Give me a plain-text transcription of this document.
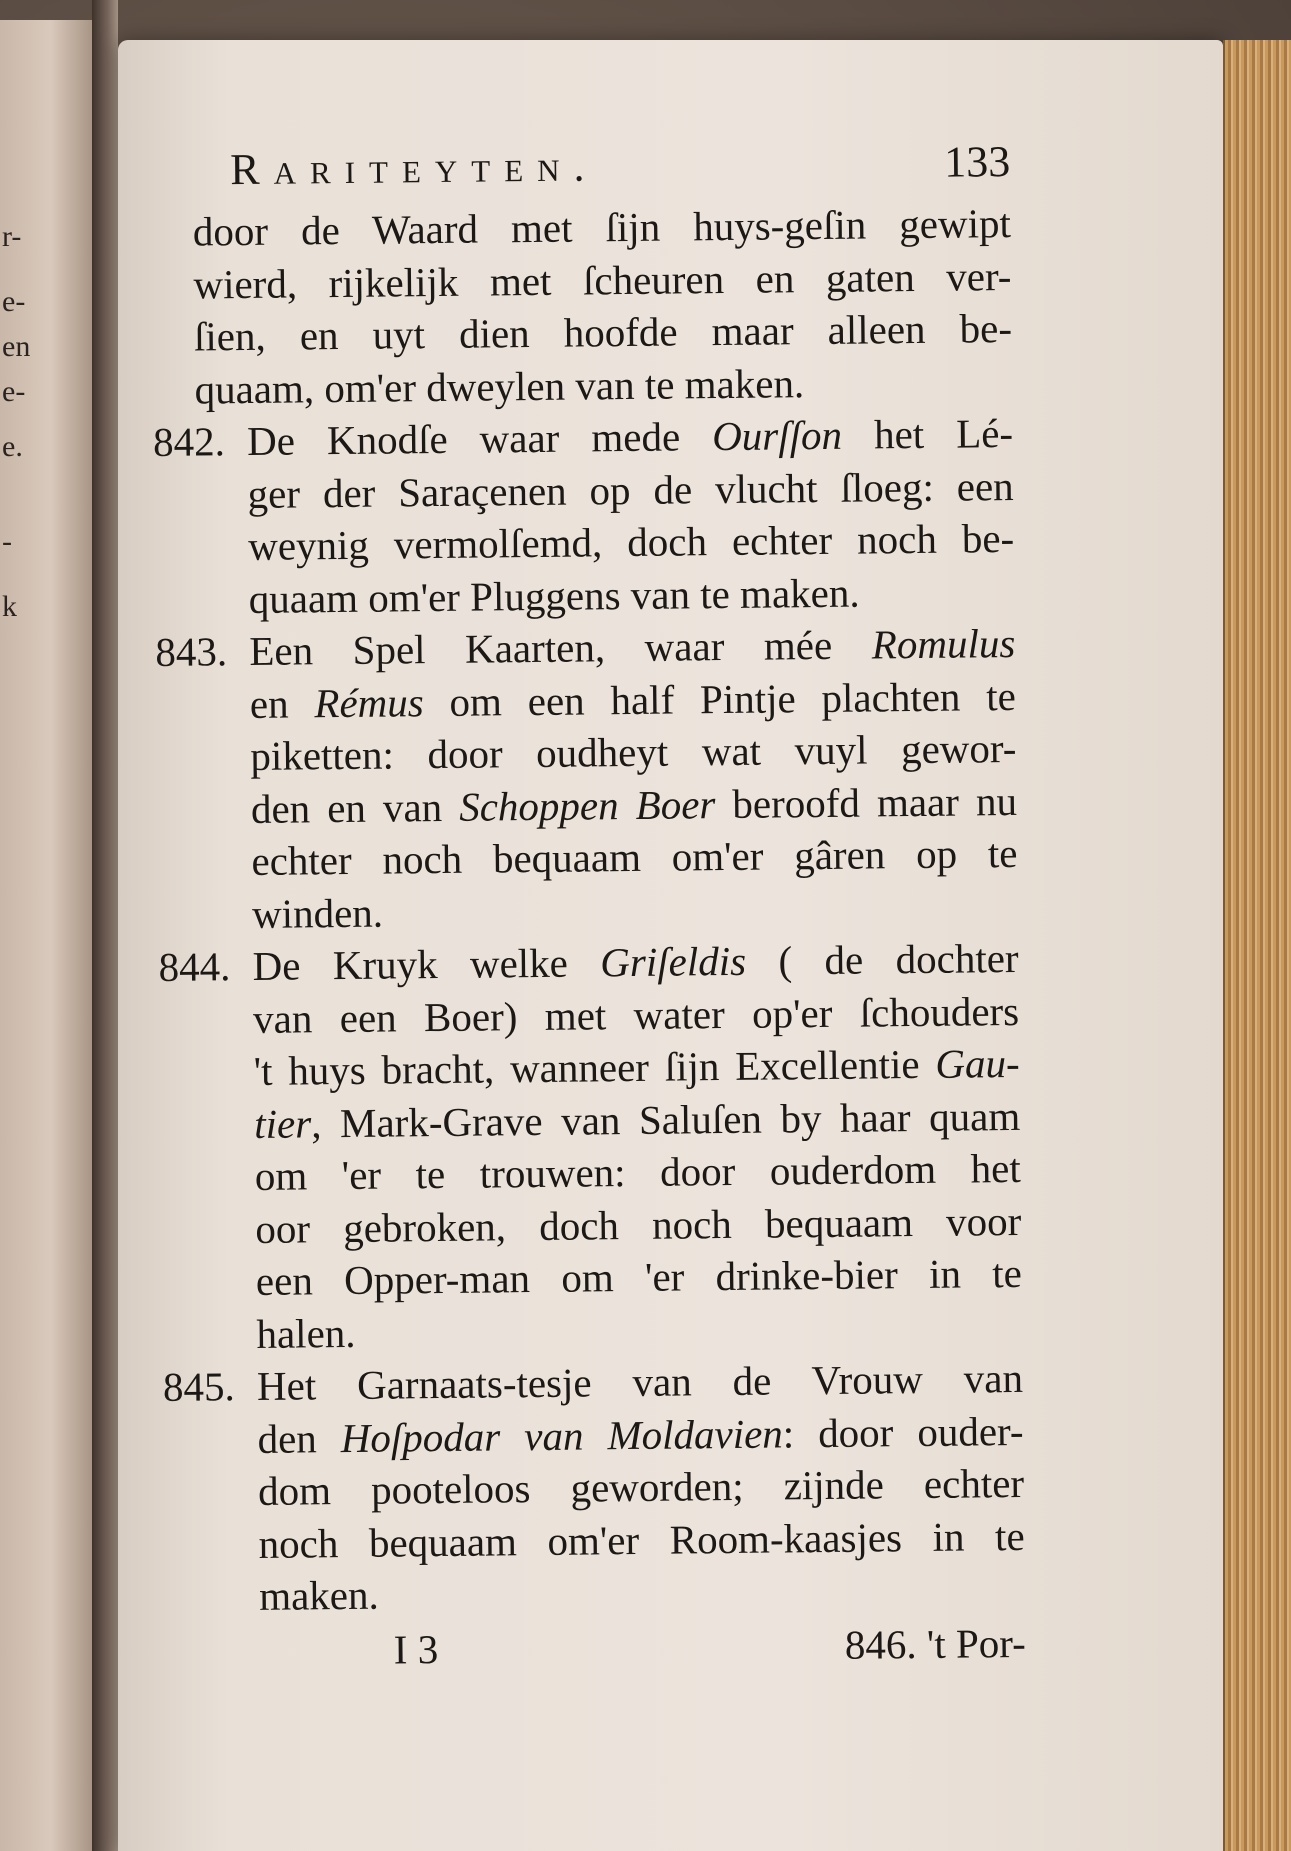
r-
e-
en
e-
e.
-
k
Rariteyten.	133
door de Waard met ſijn huys-geſin gewipt
wierd, rijkelijk met ſcheuren en gaten ver-
ſien, en uyt dien hoofde maar alleen be-
quaam, om'er dweylen van te maken.
842. De Knodſe waar mede Ourſſon het Lé-
ger der Saraçenen op de vlucht ſloeg: een
weynig vermolſemd, doch echter noch be-
quaam om'er Pluggens van te maken.
843. Een Spel Kaarten, waar mée Romulus
en Rémus om een half Pintje plachten te
piketten: door oudheyt wat vuyl gewor-
den en van Schoppen Boer beroofd maar nu
echter noch bequaam om'er gâren op te
winden.
844. De Kruyk welke Griſeldis ( de dochter
van een Boer) met water op'er ſchouders
't huys bracht, wanneer ſijn Excellentie Gau-
tier, Mark-Grave van Saluſen by haar quam
om 'er te trouwen: door ouderdom het
oor gebroken, doch noch bequaam voor
een Opper-man om 'er drinke-bier in te
halen.
845. Het Garnaats-tesje van de Vrouw van
den Hoſpodar van Moldavien: door ouder-
dom pooteloos geworden; zijnde echter
noch bequaam om'er Room-kaasjes in te
maken.
I 3	846. 't Por-
